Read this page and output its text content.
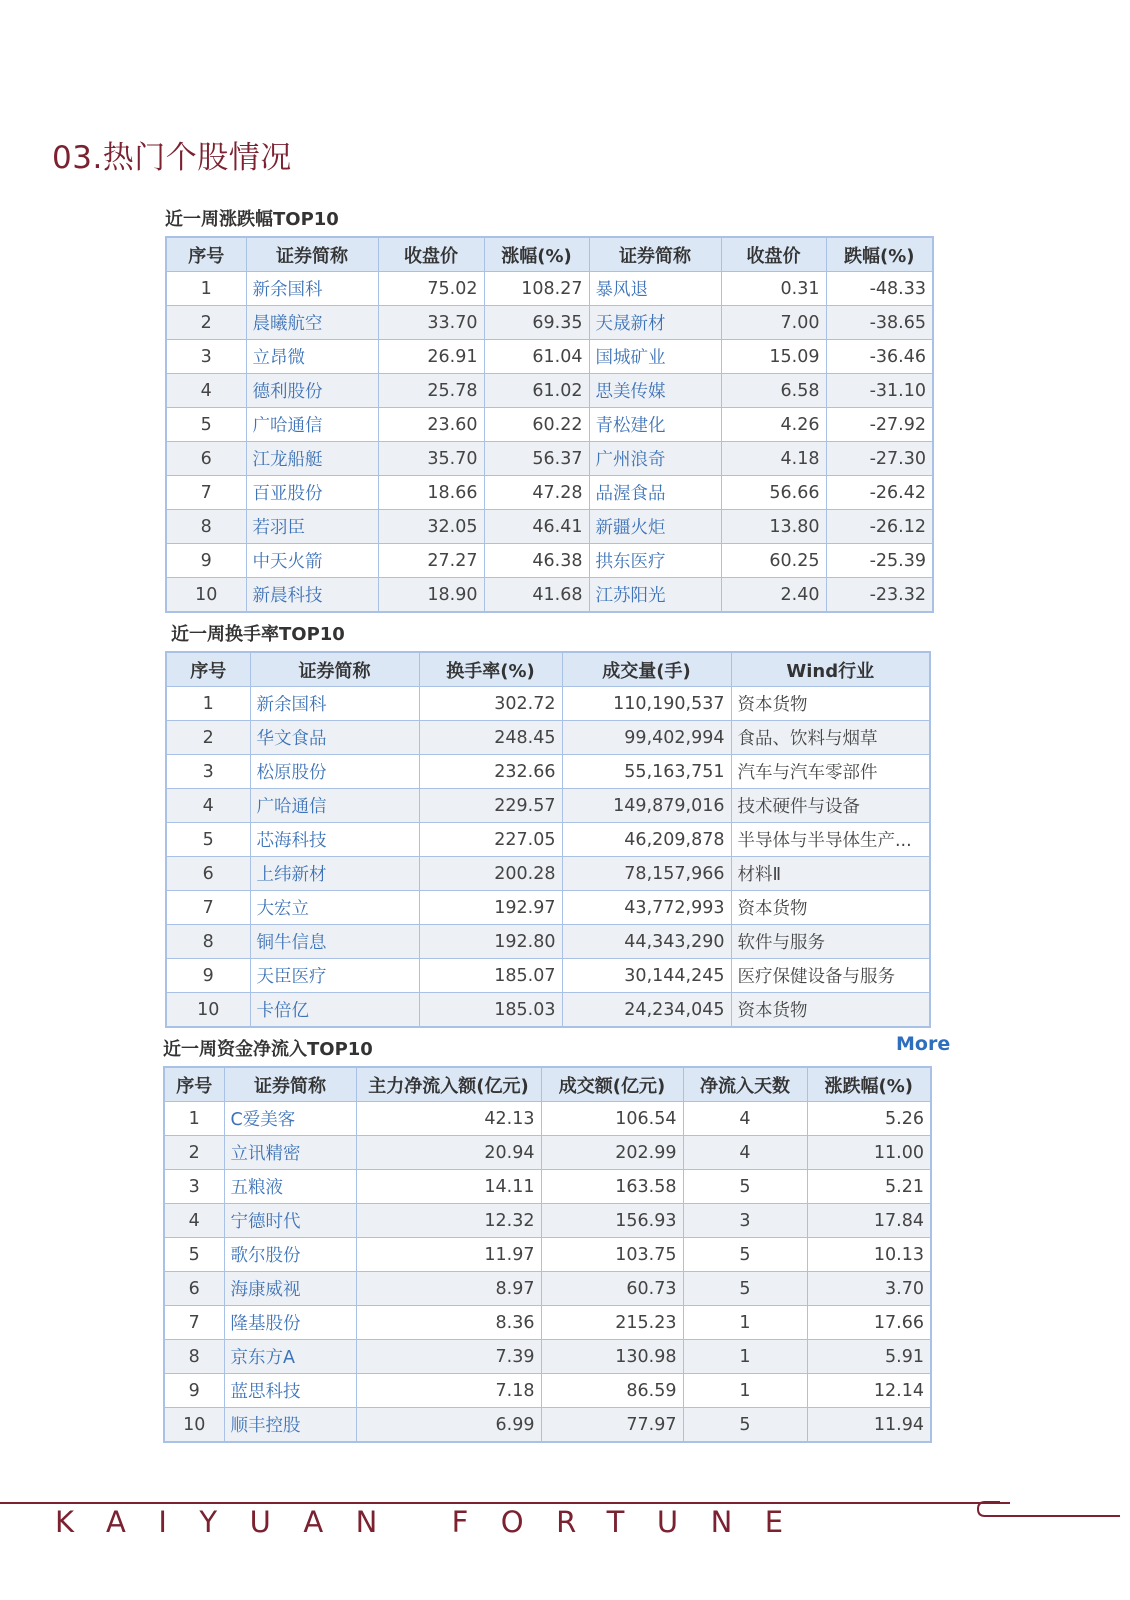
03.热门个股情况
近一周涨跌幅TOP10
序号	证券简称	收盘价	涨幅(%)	证券简称	收盘价	跌幅(%)
1	新余国科	75.02	108.27	暴风退	0.31	-48.33
2	晨曦航空	33.70	69.35	天晟新材	7.00	-38.65
3	立昂微	26.91	61.04	国城矿业	15.09	-36.46
4	德利股份	25.78	61.02	思美传媒	6.58	-31.10
5	广哈通信	23.60	60.22	青松建化	4.26	-27.92
6	江龙船艇	35.70	56.37	广州浪奇	4.18	-27.30
7	百亚股份	18.66	47.28	品渥食品	56.66	-26.42
8	若羽臣	32.05	46.41	新疆火炬	13.80	-26.12
9	中天火箭	27.27	46.38	拱东医疗	60.25	-25.39
10	新晨科技	18.90	41.68	江苏阳光	2.40	-23.32
近一周换手率TOP10
序号	证券简称	换手率(%)	成交量(手)	Wind行业
1	新余国科	302.72	110,190,537	资本货物
2	华文食品	248.45	99,402,994	食品、饮料与烟草
3	松原股份	232.66	55,163,751	汽车与汽车零部件
4	广哈通信	229.57	149,879,016	技术硬件与设备
5	芯海科技	227.05	46,209,878	半导体与半导体生产...
6	上纬新材	200.28	78,157,966	材料Ⅱ
7	大宏立	192.97	43,772,993	资本货物
8	铜牛信息	192.80	44,343,290	软件与服务
9	天臣医疗	185.07	30,144,245	医疗保健设备与服务
10	卡倍亿	185.03	24,234,045	资本货物
近一周资金净流入TOP10	More
序号	证券简称	主力净流入额(亿元)	成交额(亿元)	净流入天数	涨跌幅(%)
1	C爱美客	42.13	106.54	4	5.26
2	立讯精密	20.94	202.99	4	11.00
3	五粮液	14.11	163.58	5	5.21
4	宁德时代	12.32	156.93	3	17.84
5	歌尔股份	11.97	103.75	5	10.13
6	海康威视	8.97	60.73	5	3.70
7	隆基股份	8.36	215.23	1	17.66
8	京东方A	7.39	130.98	1	5.91
9	蓝思科技	7.18	86.59	1	12.14
10	顺丰控股	6.99	77.97	5	11.94
KAIYUAN FORTUNE
